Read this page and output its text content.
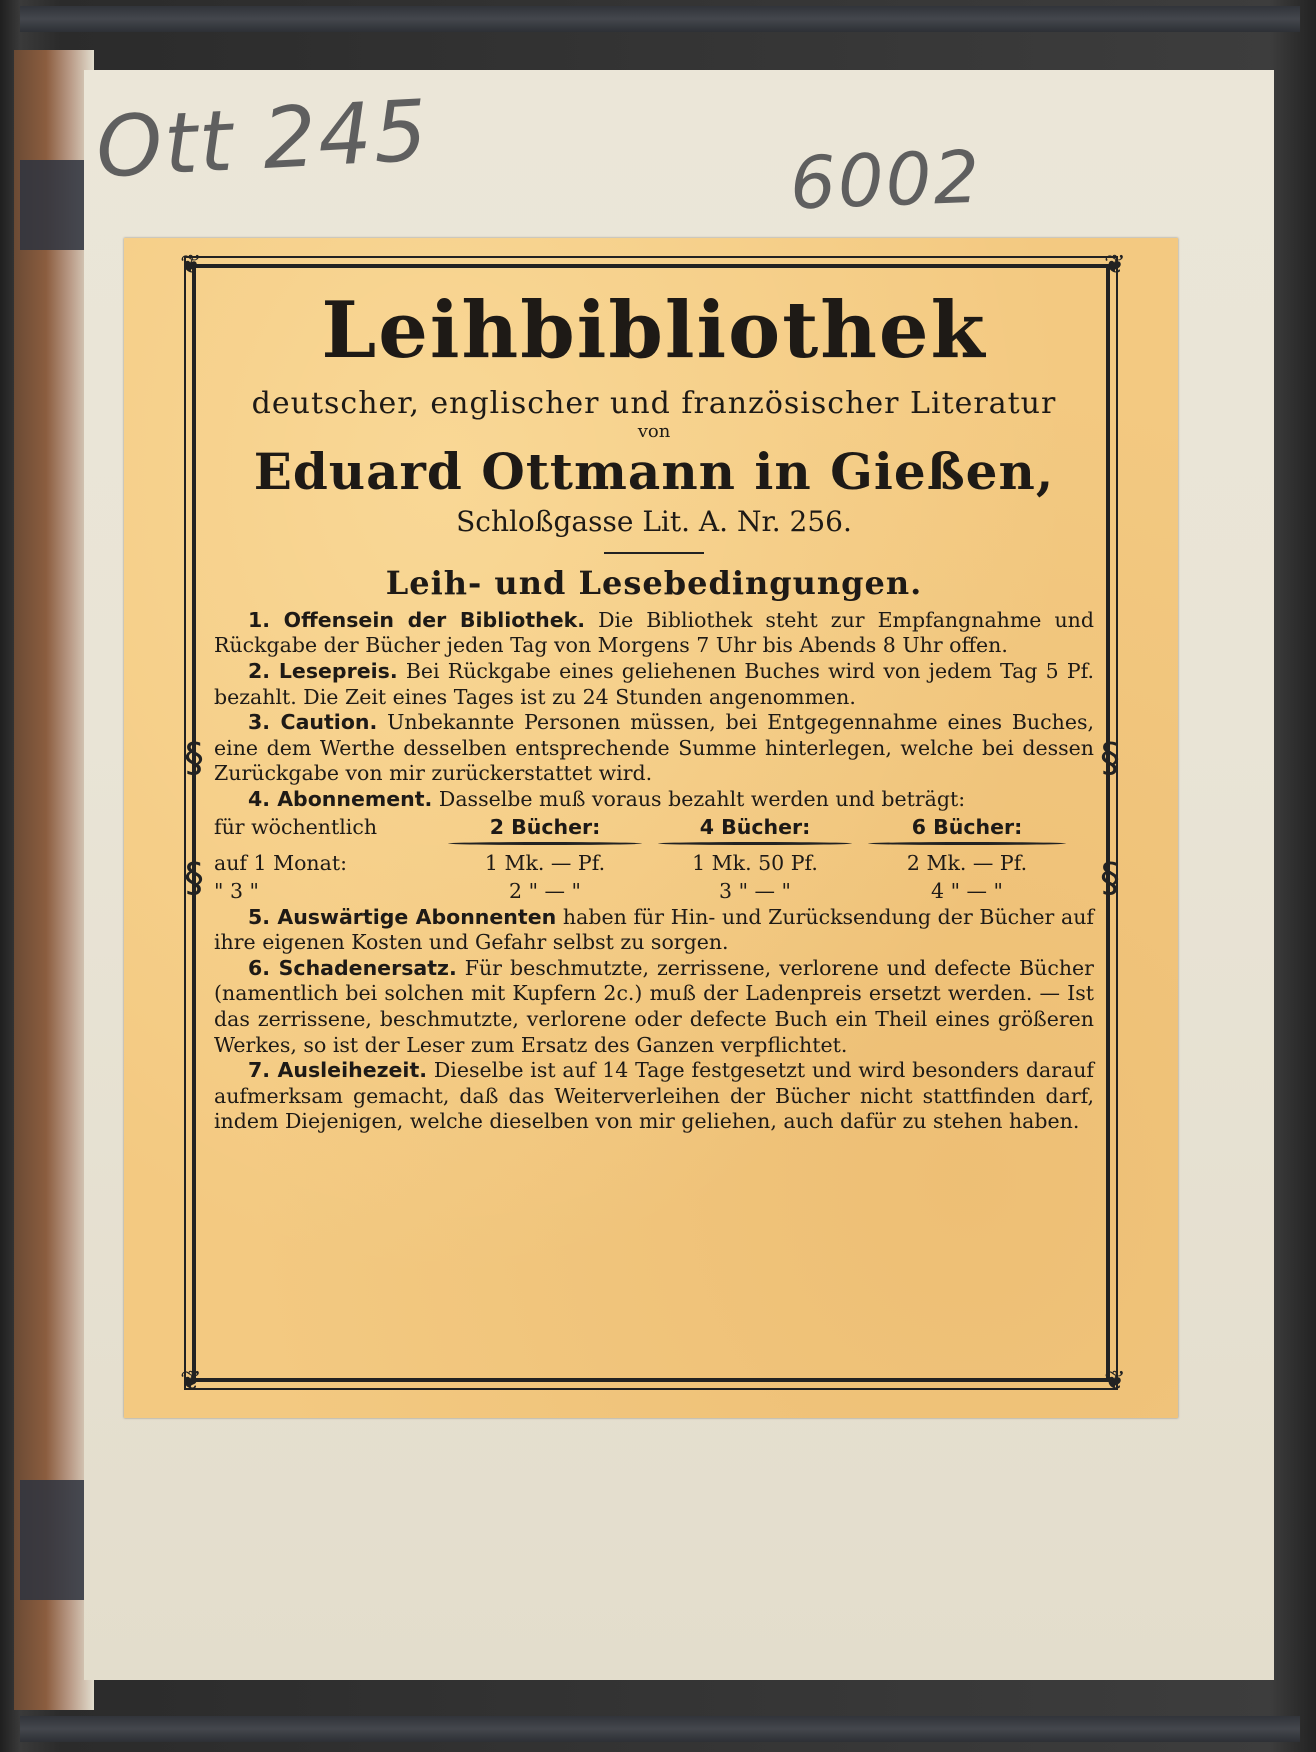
Ott 245	6002
❦	❦
❦	❦
§	§
§	§
Leihbibliothek
deutscher, englischer und französischer Literatur
von
Eduard Ottmann in Gießen,
Schloßgasse Lit. A. Nr. 256.
Leih- und Lesebedingungen.

1. Offensein der Bibliothek. Die Bibliothek steht zur Empfangnahme und Rückgabe der Bücher jeden Tag von Morgens 7 Uhr bis Abends 8 Uhr offen.

2. Lesepreis. Bei Rückgabe eines geliehenen Buches wird von jedem Tag 5 Pf. bezahlt. Die Zeit eines Tages ist zu 24 Stunden angenommen.

3. Caution. Unbekannte Personen müssen, bei Entgegennahme eines Buches, eine dem Werthe desselben entsprechende Summe hinterlegen, welche bei dessen Zurückgabe von mir zurückerstattet wird.

4. Abonnement. Dasselbe muß voraus bezahlt werden und beträgt:

für wöchentlich	2 Bücher:	4 Bücher:	6 Bücher:
auf 1 Monat:	1 Mk. — Pf.	1 Mk. 50 Pf.	2 Mk. — Pf.
" 3 "	2 " — "	3 " — "	4 " — "

5. Auswärtige Abonnenten haben für Hin- und Zurücksendung der Bücher auf ihre eigenen Kosten und Gefahr selbst zu sorgen.

6. Schadenersatz. Für beschmutzte, zerrissene, verlorene und defecte Bücher (namentlich bei solchen mit Kupfern 2c.) muß der Ladenpreis ersetzt werden. — Ist das zerrissene, beschmutzte, verlorene oder defecte Buch ein Theil eines größeren Werkes, so ist der Leser zum Ersatz des Ganzen verpflichtet.

7. Ausleihezeit. Dieselbe ist auf 14 Tage festgesetzt und wird besonders darauf aufmerksam gemacht, daß das Weiterverleihen der Bücher nicht stattfinden darf, indem Diejenigen, welche dieselben von mir geliehen, auch dafür zu stehen haben.
